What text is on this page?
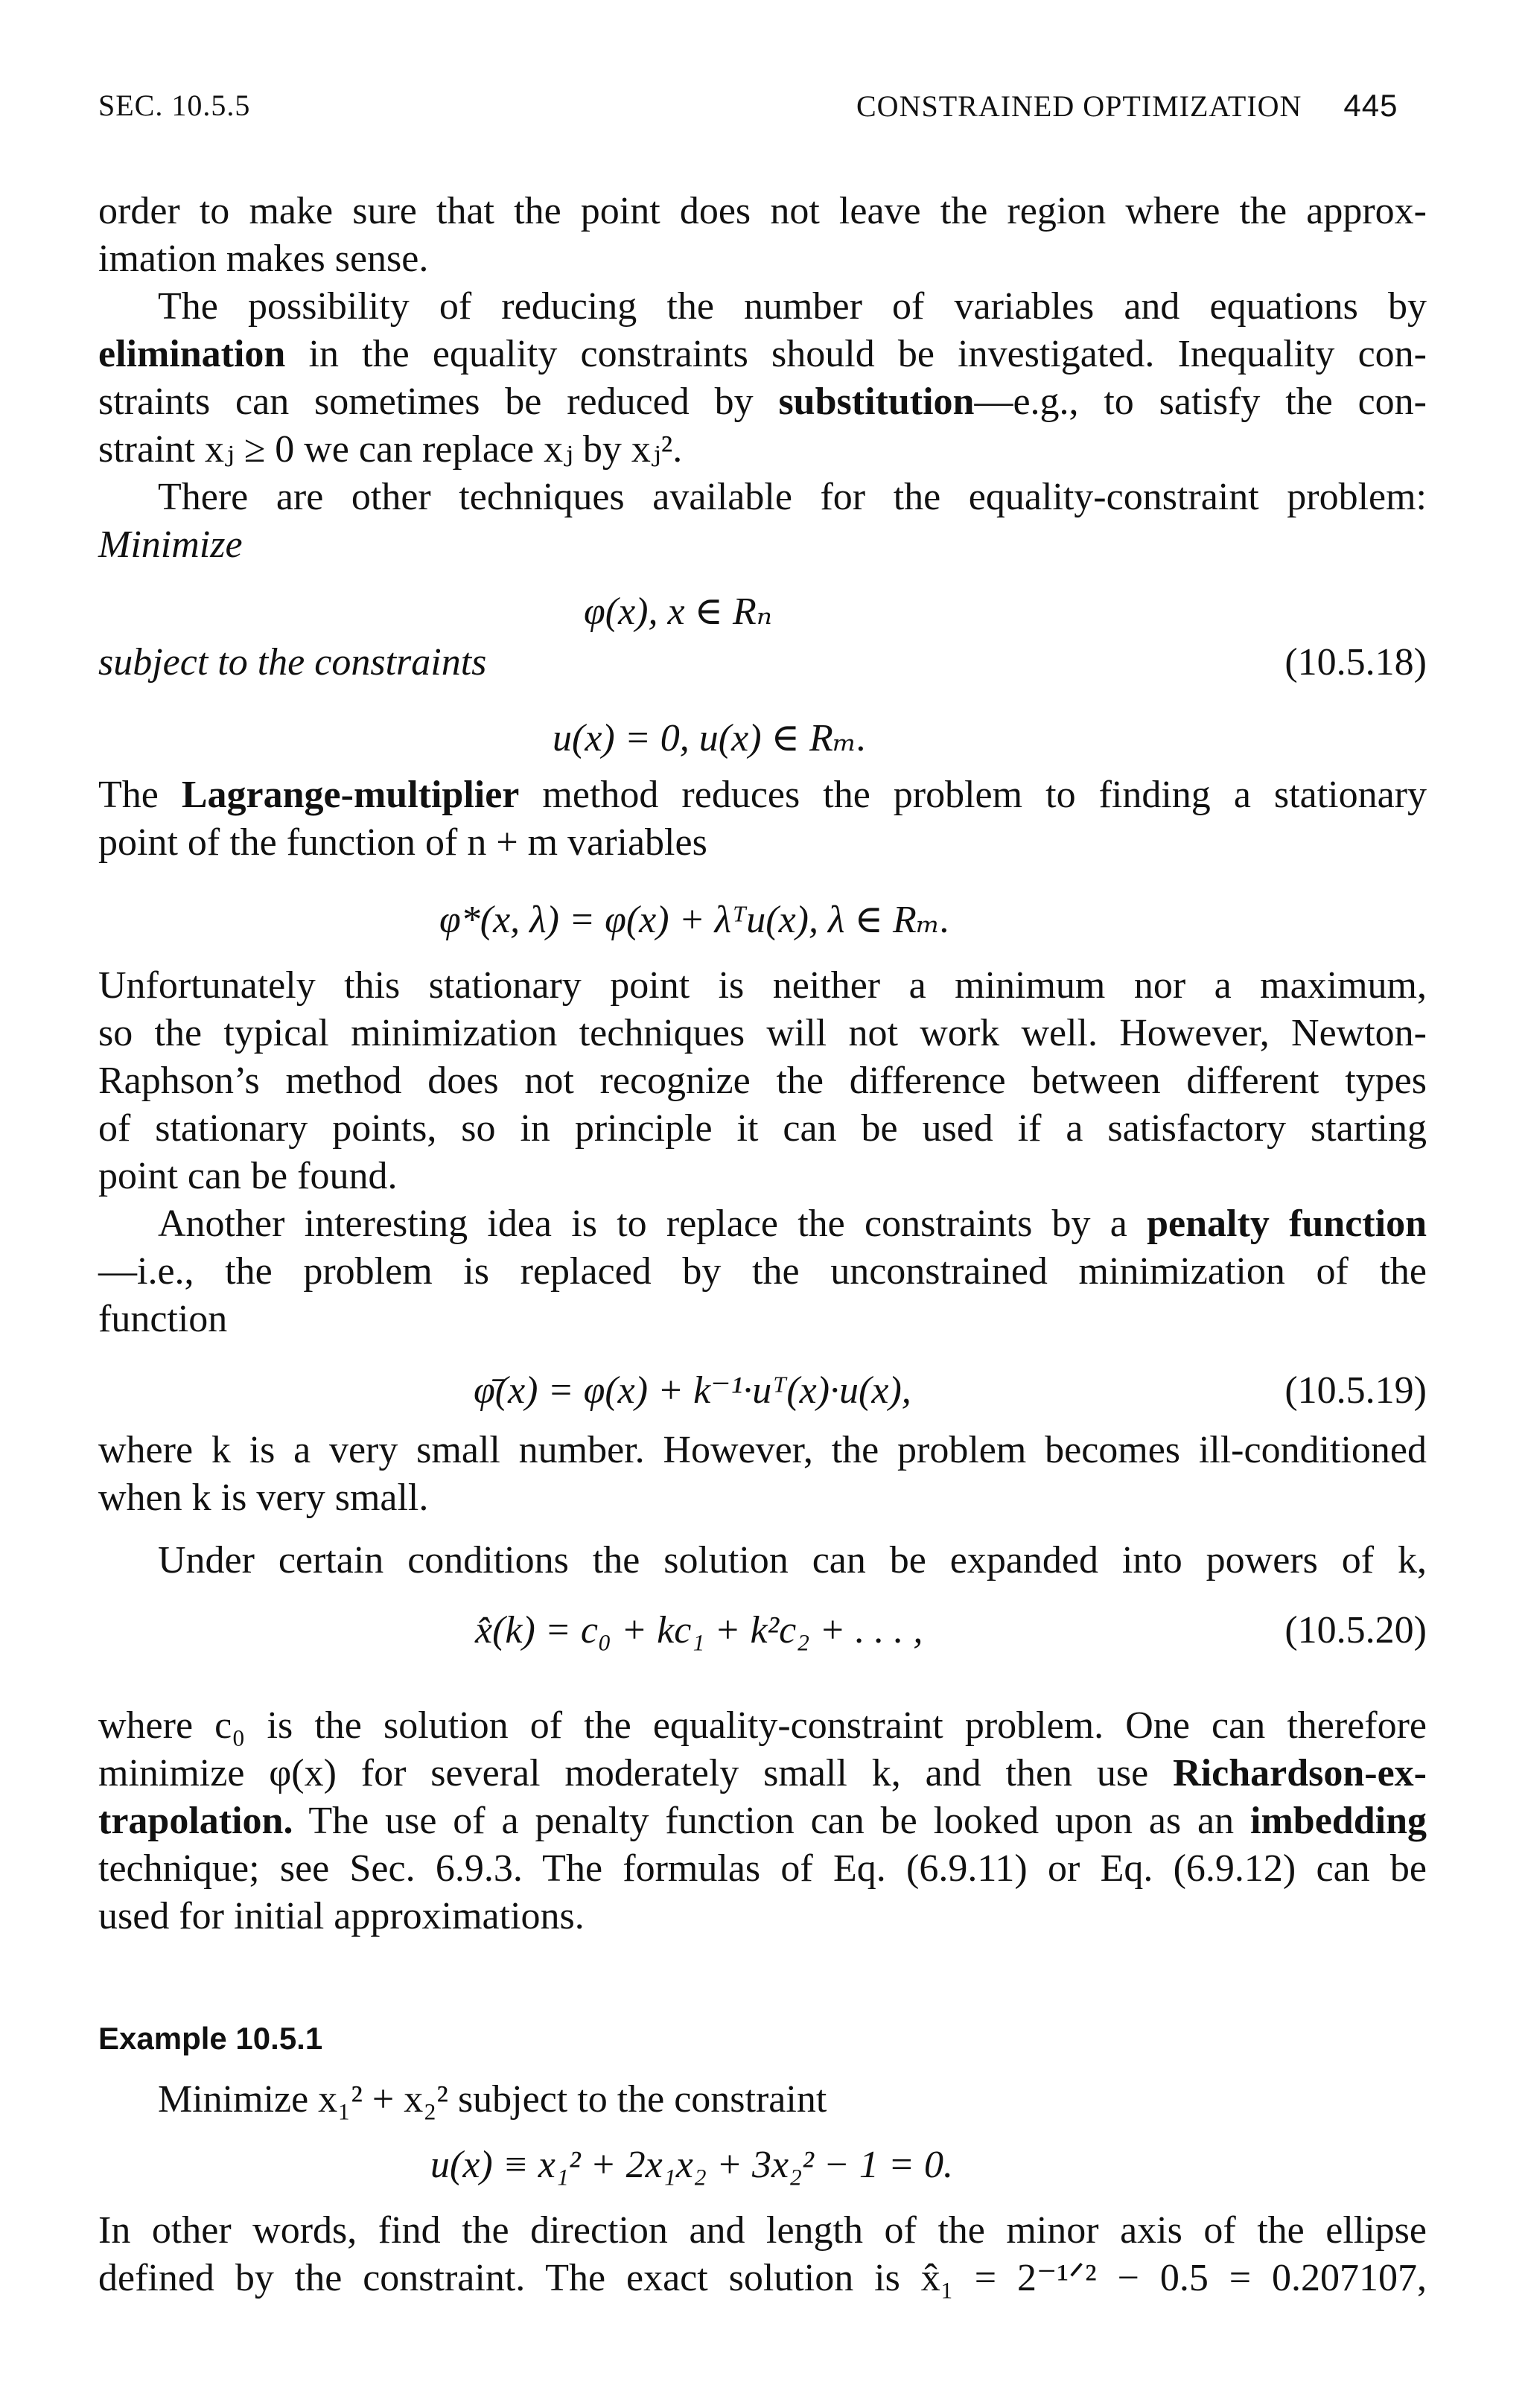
SEC. 10.5.5	CONSTRAINED OPTIMIZATION 445
order to make sure that the point does not leave the region where the approx-
imation makes sense.
The possibility of reducing the number of variables and equations by
elimination in the equality constraints should be investigated. Inequality con-
straints can sometimes be reduced by substitution—e.g., to satisfy the con-
straint xⱼ ≥ 0 we can replace xⱼ by xⱼ².
There are other techniques available for the equality-constraint problem:
Minimize
φ(x), x ∈ Rₙ
subject to the constraints	(10.5.18)
u(x) = 0, u(x) ∈ Rₘ.
The Lagrange-multiplier method reduces the problem to finding a stationary
point of the function of n + m variables
φ*(x, λ) = φ(x) + λᵀu(x), λ ∈ Rₘ.
Unfortunately this stationary point is neither a minimum nor a maximum,
so the typical minimization techniques will not work well. However, Newton-
Raphson’s method does not recognize the difference between different types
of stationary points, so in principle it can be used if a satisfactory starting
point can be found.
Another interesting idea is to replace the constraints by a penalty function
—i.e., the problem is replaced by the unconstrained minimization of the
function
φ̄(x) = φ(x) + k⁻¹·uᵀ(x)·u(x),	(10.5.19)
where k is a very small number. However, the problem becomes ill-conditioned
when k is very small.
Under certain conditions the solution can be expanded into powers of k,
x̂(k) = c₀ + kc₁ + k²c₂ + . . . ,	(10.5.20)
where c₀ is the solution of the equality-constraint problem. One can therefore
minimize φ(x) for several moderately small k, and then use Richardson-ex-
trapolation. The use of a penalty function can be looked upon as an imbedding
technique; see Sec. 6.9.3. The formulas of Eq. (6.9.11) or Eq. (6.9.12) can be
used for initial approximations.
Example 10.5.1
Minimize x₁² + x₂² subject to the constraint
u(x) ≡ x₁² + 2x₁x₂ + 3x₂² − 1 = 0.
In other words, find the direction and length of the minor axis of the ellipse
defined by the constraint. The exact solution is x̂₁ = 2⁻¹ᐟ² − 0.5 = 0.207107,
